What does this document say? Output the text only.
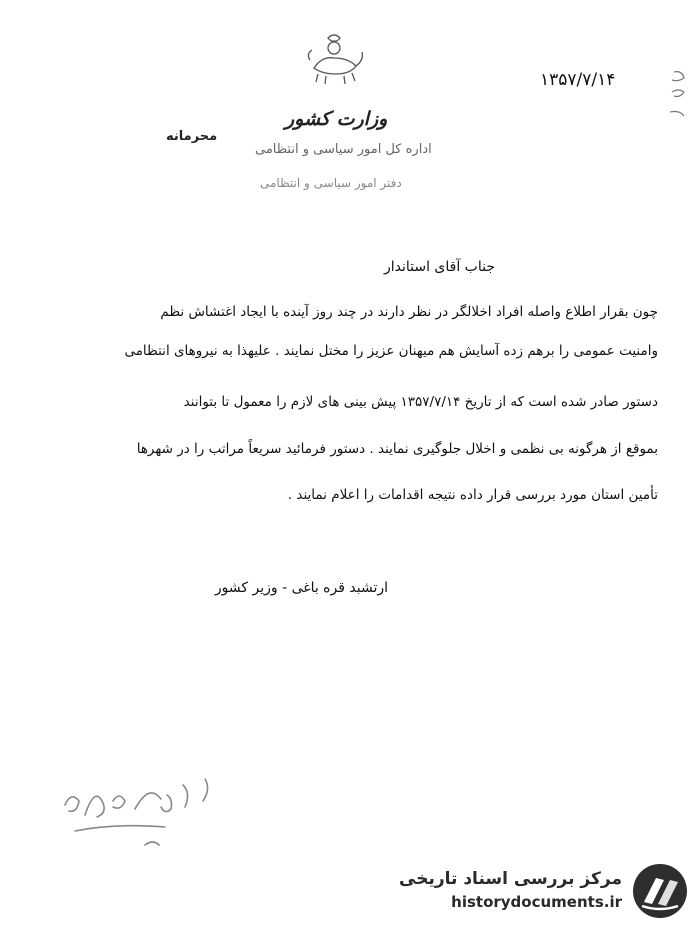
وزارت کشور
اداره کل امور سیاسی و انتظامی
دفتر امور سیاسی و انتظامی
۱۳۵۷/۷/۱۴
محرمانه
جناب آقای استاندار
چون بقرار اطلاع واصله افراد اخلالگر در نظر دارند در چند روز آینده با ایجاد اغتشاش نظم
وامنیت عمومی را برهم زده آسایش هم میهنان عزیز را مختل نمایند . علیهذا به نیروهای انتظامی
دستور صادر شده است که از تاریخ ۱۳۵۷/۷/۱۴ پیش بینی های لازم را معمول تا بتوانند
بموقع از هرگونه بی نظمی و اخلال جلوگیری نمایند . دستور فرمائید سریعاً مراتب را در شهرها
تأمین استان مورد بررسی قرار داده نتیجه اقدامات را اعلام نمایند .
ارتشبد قره باغی - وزیر کشور
مرکز بررسی اسناد تاریخی
historydocuments.ir
